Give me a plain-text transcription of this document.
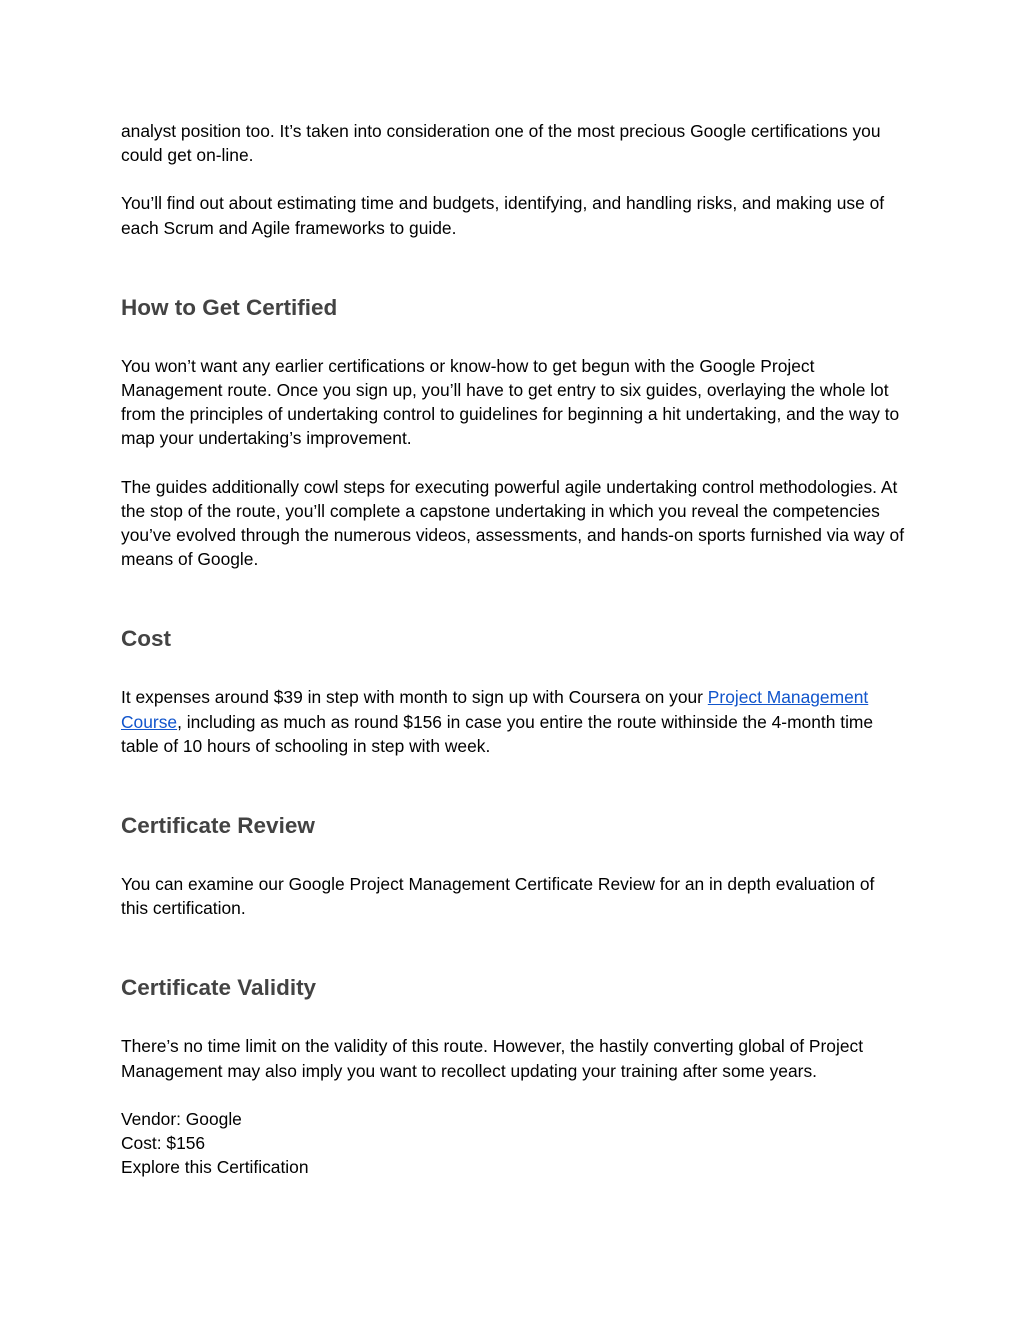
analyst position too. It’s taken into consideration one of the most precious Google certifications you could get on-line.

You’ll find out about estimating time and budgets, identifying, and handling risks, and making use of each Scrum and Agile frameworks to guide.

How to Get Certified

You won’t want any earlier certifications or know-how to get begun with the Google Project Management route. Once you sign up, you’ll have to get entry to six guides, overlaying the whole lot from the principles of undertaking control to guidelines for beginning a hit undertaking, and the way to map your undertaking’s improvement.

The guides additionally cowl steps for executing powerful agile undertaking control methodologies. At the stop of the route, you’ll complete a capstone undertaking in which you reveal the competencies you’ve evolved through the numerous videos, assessments, and hands-on sports furnished via way of means of Google.

Cost

It expenses around $39 in step with month to sign up with Coursera on your Project Management Course, including as much as round $156 in case you entire the route withinside the 4-month time table of 10 hours of schooling in step with week.

Certificate Review

You can examine our Google Project Management Certificate Review for an in depth evaluation of this certification.

Certificate Validity

There’s no time limit on the validity of this route. However, the hastily converting global of Project Management may also imply you want to recollect updating your training after some years.

Vendor: Google

Cost: $156

Explore this Certification
